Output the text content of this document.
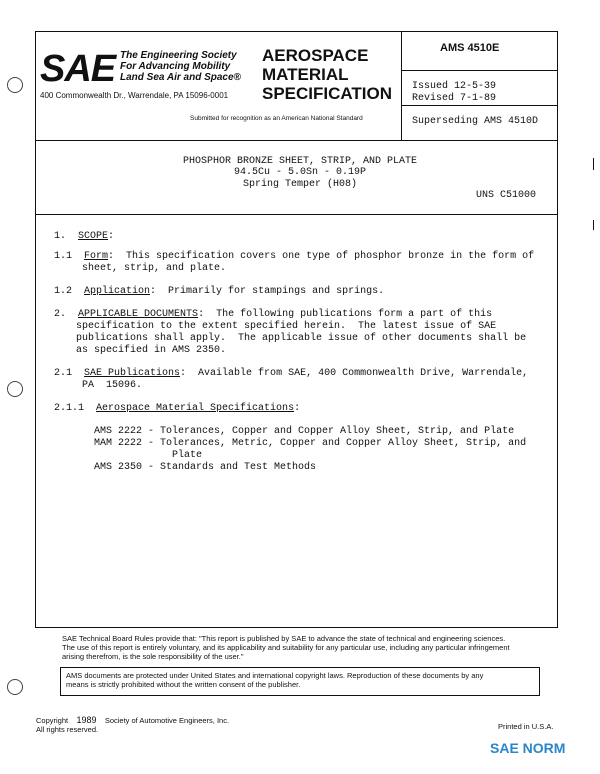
SAE The Engineering Society
For Advancing Mobility
Land Sea Air and Space®
400 Commonwealth Dr., Warrendale, PA 15096-0001
AEROSPACE
MATERIAL
SPECIFICATION
Submitted for recognition as an American National Standard
AMS 4510E
Issued 12-5-39
Revised 7-1-89
Superseding AMS 4510D
PHOSPHOR BRONZE SHEET, STRIP, AND PLATE
94.5Cu - 5.0Sn - 0.19P
Spring Temper (H08)
UNS C51000
1. SCOPE:
1.1 Form:  This specification covers one type of phosphor bronze in the form of
sheet, strip, and plate.
1.2 Application:  Primarily for stampings and springs.
2. APPLICABLE DOCUMENTS:  The following publications form a part of this
specification to the extent specified herein.  The latest issue of SAE
publications shall apply.  The applicable issue of other documents shall be
as specified in AMS 2350.
2.1 SAE Publications:  Available from SAE, 400 Commonwealth Drive, Warrendale,
PA  15096.
2.1.1 Aerospace Material Specifications:
AMS 2222 - Tolerances, Copper and Copper Alloy Sheet, Strip, and Plate
MAM 2222 - Tolerances, Metric, Copper and Copper Alloy Sheet, Strip, and
Plate
AMS 2350 - Standards and Test Methods
SAE Technical Board Rules provide that: "This report is published by SAE to advance the state of technical and engineering sciences.
The use of this report is entirely voluntary, and its applicability and suitability for any particular use, including any particular infringement
arising therefrom, is the sole responsibility of the user."
AMS documents are protected under United States and international copyright laws. Reproduction of these documents by any
means is strictly prohibited without the written consent of the publisher.
Copyright 1989 Society of Automotive Engineers, Inc.
All rights reserved.	Printed in U.S.A.
SAE NORM
